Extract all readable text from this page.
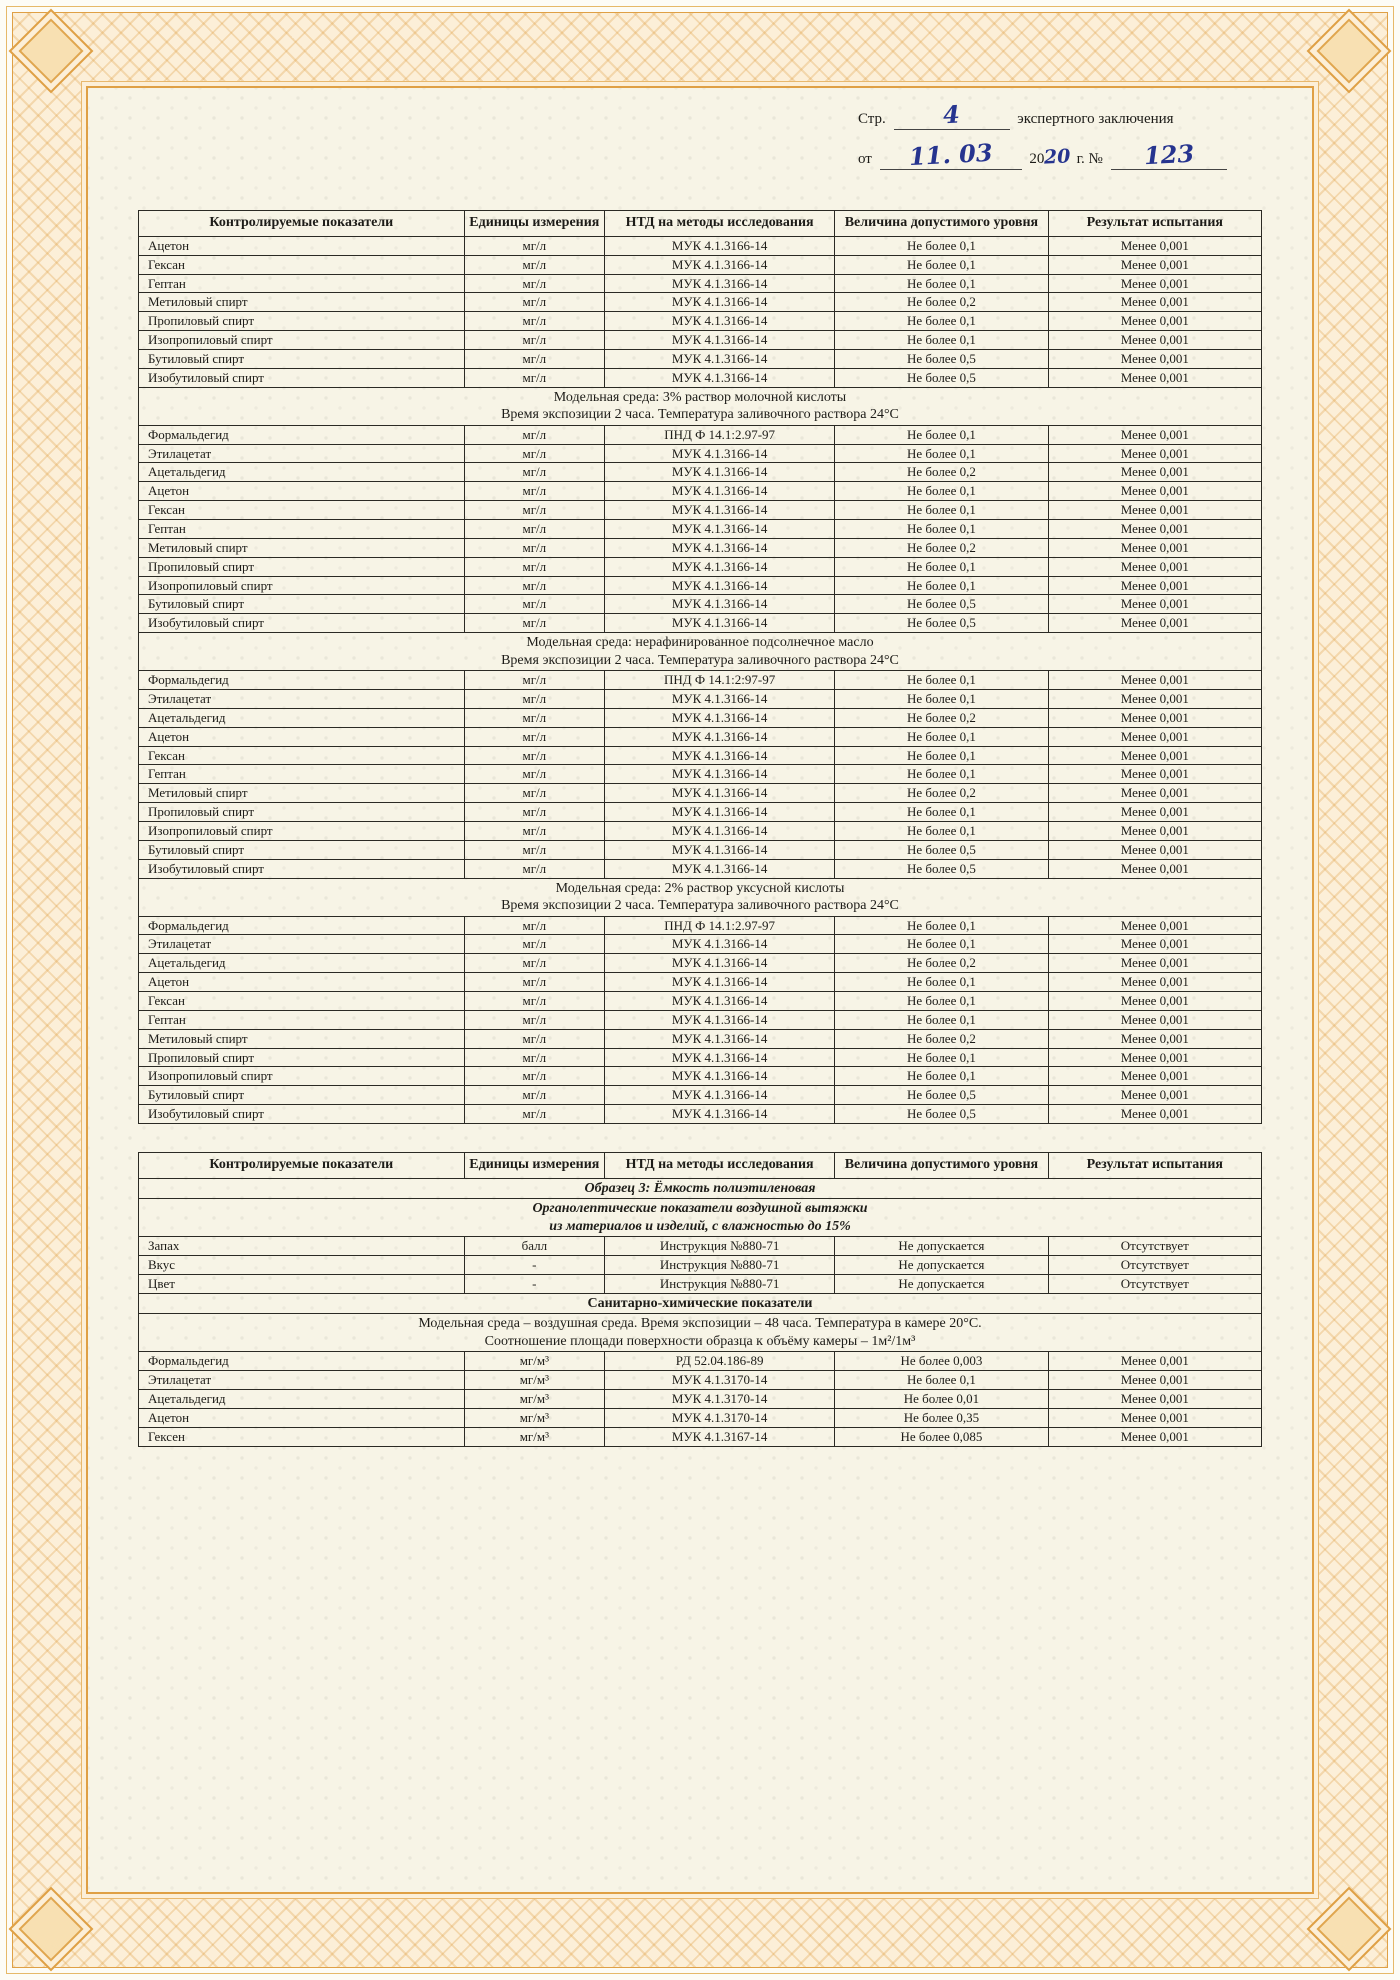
Стр. 4	экспертного заключения
от 11. 03 2020 г. № 123
Контролируемые показатели	Единицы измерения	НТД на методы исследования	Величина допустимого уровня	Результат испытания
Ацетон	мг/л	МУК 4.1.3166-14	Не более 0,1	Менее 0,001
Гексан	мг/л	МУК 4.1.3166-14	Не более 0,1	Менее 0,001
Гептан	мг/л	МУК 4.1.3166-14	Не более 0,1	Менее 0,001
Метиловый спирт	мг/л	МУК 4.1.3166-14	Не более 0,2	Менее 0,001
Пропиловый спирт	мг/л	МУК 4.1.3166-14	Не более 0,1	Менее 0,001
Изопропиловый спирт	мг/л	МУК 4.1.3166-14	Не более 0,1	Менее 0,001
Бутиловый спирт	мг/л	МУК 4.1.3166-14	Не более 0,5	Менее 0,001
Изобутиловый спирт	мг/л	МУК 4.1.3166-14	Не более 0,5	Менее 0,001

Модельная среда: 3% раствор молочной кислоты
Время экспозиции 2 часа. Температура заливочного раствора 24°С				

Формальдегид	мг/л	ПНД Ф 14.1:2.97-97	Не более 0,1	Менее 0,001
Этилацетат	мг/л	МУК 4.1.3166-14	Не более 0,1	Менее 0,001
Ацетальдегид	мг/л	МУК 4.1.3166-14	Не более 0,2	Менее 0,001
Ацетон	мг/л	МУК 4.1.3166-14	Не более 0,1	Менее 0,001
Гексан	мг/л	МУК 4.1.3166-14	Не более 0,1	Менее 0,001
Гептан	мг/л	МУК 4.1.3166-14	Не более 0,1	Менее 0,001
Метиловый спирт	мг/л	МУК 4.1.3166-14	Не более 0,2	Менее 0,001
Пропиловый спирт	мг/л	МУК 4.1.3166-14	Не более 0,1	Менее 0,001
Изопропиловый спирт	мг/л	МУК 4.1.3166-14	Не более 0,1	Менее 0,001
Бутиловый спирт	мг/л	МУК 4.1.3166-14	Не более 0,5	Менее 0,001
Изобутиловый спирт	мг/л	МУК 4.1.3166-14	Не более 0,5	Менее 0,001

Модельная среда: нерафинированное подсолнечное масло
Время экспозиции 2 часа. Температура заливочного раствора 24°С				

Формальдегид	мг/л	ПНД Ф 14.1:2:97-97	Не более 0,1	Менее 0,001
Этилацетат	мг/л	МУК 4.1.3166-14	Не более 0,1	Менее 0,001
Ацетальдегид	мг/л	МУК 4.1.3166-14	Не более 0,2	Менее 0,001
Ацетон	мг/л	МУК 4.1.3166-14	Не более 0,1	Менее 0,001
Гексан	мг/л	МУК 4.1.3166-14	Не более 0,1	Менее 0,001
Гептан	мг/л	МУК 4.1.3166-14	Не более 0,1	Менее 0,001
Метиловый спирт	мг/л	МУК 4.1.3166-14	Не более 0,2	Менее 0,001
Пропиловый спирт	мг/л	МУК 4.1.3166-14	Не более 0,1	Менее 0,001
Изопропиловый спирт	мг/л	МУК 4.1.3166-14	Не более 0,1	Менее 0,001
Бутиловый спирт	мг/л	МУК 4.1.3166-14	Не более 0,5	Менее 0,001
Изобутиловый спирт	мг/л	МУК 4.1.3166-14	Не более 0,5	Менее 0,001

Модельная среда: 2% раствор уксусной кислоты
Время экспозиции 2 часа. Температура заливочного раствора 24°С				

Формальдегид	мг/л	ПНД Ф 14.1:2.97-97	Не более 0,1	Менее 0,001
Этилацетат	мг/л	МУК 4.1.3166-14	Не более 0,1	Менее 0,001
Ацетальдегид	мг/л	МУК 4.1.3166-14	Не более 0,2	Менее 0,001
Ацетон	мг/л	МУК 4.1.3166-14	Не более 0,1	Менее 0,001
Гексан	мг/л	МУК 4.1.3166-14	Не более 0,1	Менее 0,001
Гептан	мг/л	МУК 4.1.3166-14	Не более 0,1	Менее 0,001
Метиловый спирт	мг/л	МУК 4.1.3166-14	Не более 0,2	Менее 0,001
Пропиловый спирт	мг/л	МУК 4.1.3166-14	Не более 0,1	Менее 0,001
Изопропиловый спирт	мг/л	МУК 4.1.3166-14	Не более 0,1	Менее 0,001
Бутиловый спирт	мг/л	МУК 4.1.3166-14	Не более 0,5	Менее 0,001
Изобутиловый спирт	мг/л	МУК 4.1.3166-14	Не более 0,5	Менее 0,001
Контролируемые показатели	Единицы измерения	НТД на методы исследования	Величина допустимого уровня	Результат испытания

Образец 3: Ёмкость полиэтиленовая				

Органолептические показатели воздушной вытяжки
из материалов и изделий, с влажностью до 15%				

Запах	балл	Инструкция №880-71	Не допускается	Отсутствует
Вкус	-	Инструкция №880-71	Не допускается	Отсутствует
Цвет	-	Инструкция №880-71	Не допускается	Отсутствует

Санитарно-химические показатели				

Модельная среда – воздушная среда. Время экспозиции – 48 часа. Температура в камере 20°С.
Соотношение площади поверхности образца к объёму камеры – 1м²/1м³				

Формальдегид	мг/м³	РД 52.04.186-89	Не более 0,003	Менее 0,001
Этилацетат	мг/м³	МУК 4.1.3170-14	Не более 0,1	Менее 0,001
Ацетальдегид	мг/м³	МУК 4.1.3170-14	Не более 0,01	Менее 0,001
Ацетон	мг/м³	МУК 4.1.3170-14	Не более 0,35	Менее 0,001
Гексен	мг/м³	МУК 4.1.3167-14	Не более 0,085	Менее 0,001
